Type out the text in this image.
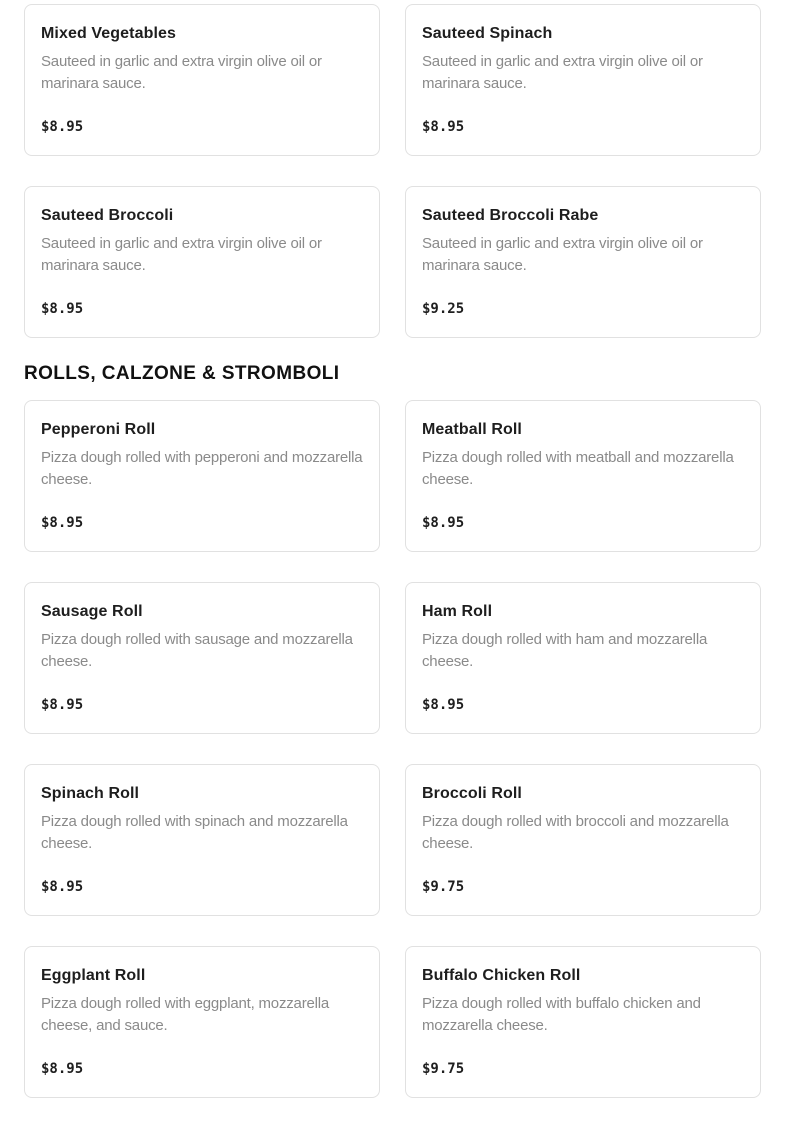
Mixed Vegetables

Sauteed in garlic and extra virgin olive oil or marinara sauce.

$8.95
Sauteed Spinach

Sauteed in garlic and extra virgin olive oil or marinara sauce.

$8.95
Sauteed Broccoli

Sauteed in garlic and extra virgin olive oil or marinara sauce.

$8.95
Sauteed Broccoli Rabe

Sauteed in garlic and extra virgin olive oil or marinara sauce.

$9.25
ROLLS, CALZONE & STROMBOLI
Pepperoni Roll

Pizza dough rolled with pepperoni and mozzarella cheese.

$8.95
Meatball Roll

Pizza dough rolled with meatball and mozzarella cheese.

$8.95
Sausage Roll

Pizza dough rolled with sausage and mozzarella cheese.

$8.95
Ham Roll

Pizza dough rolled with ham and mozzarella cheese.

$8.95
Spinach Roll

Pizza dough rolled with spinach and mozzarella cheese.

$8.95
Broccoli Roll

Pizza dough rolled with broccoli and mozzarella cheese.

$9.75
Eggplant Roll

Pizza dough rolled with eggplant, mozzarella cheese, and sauce.

$8.95
Buffalo Chicken Roll

Pizza dough rolled with buffalo chicken and mozzarella cheese.

$9.75
